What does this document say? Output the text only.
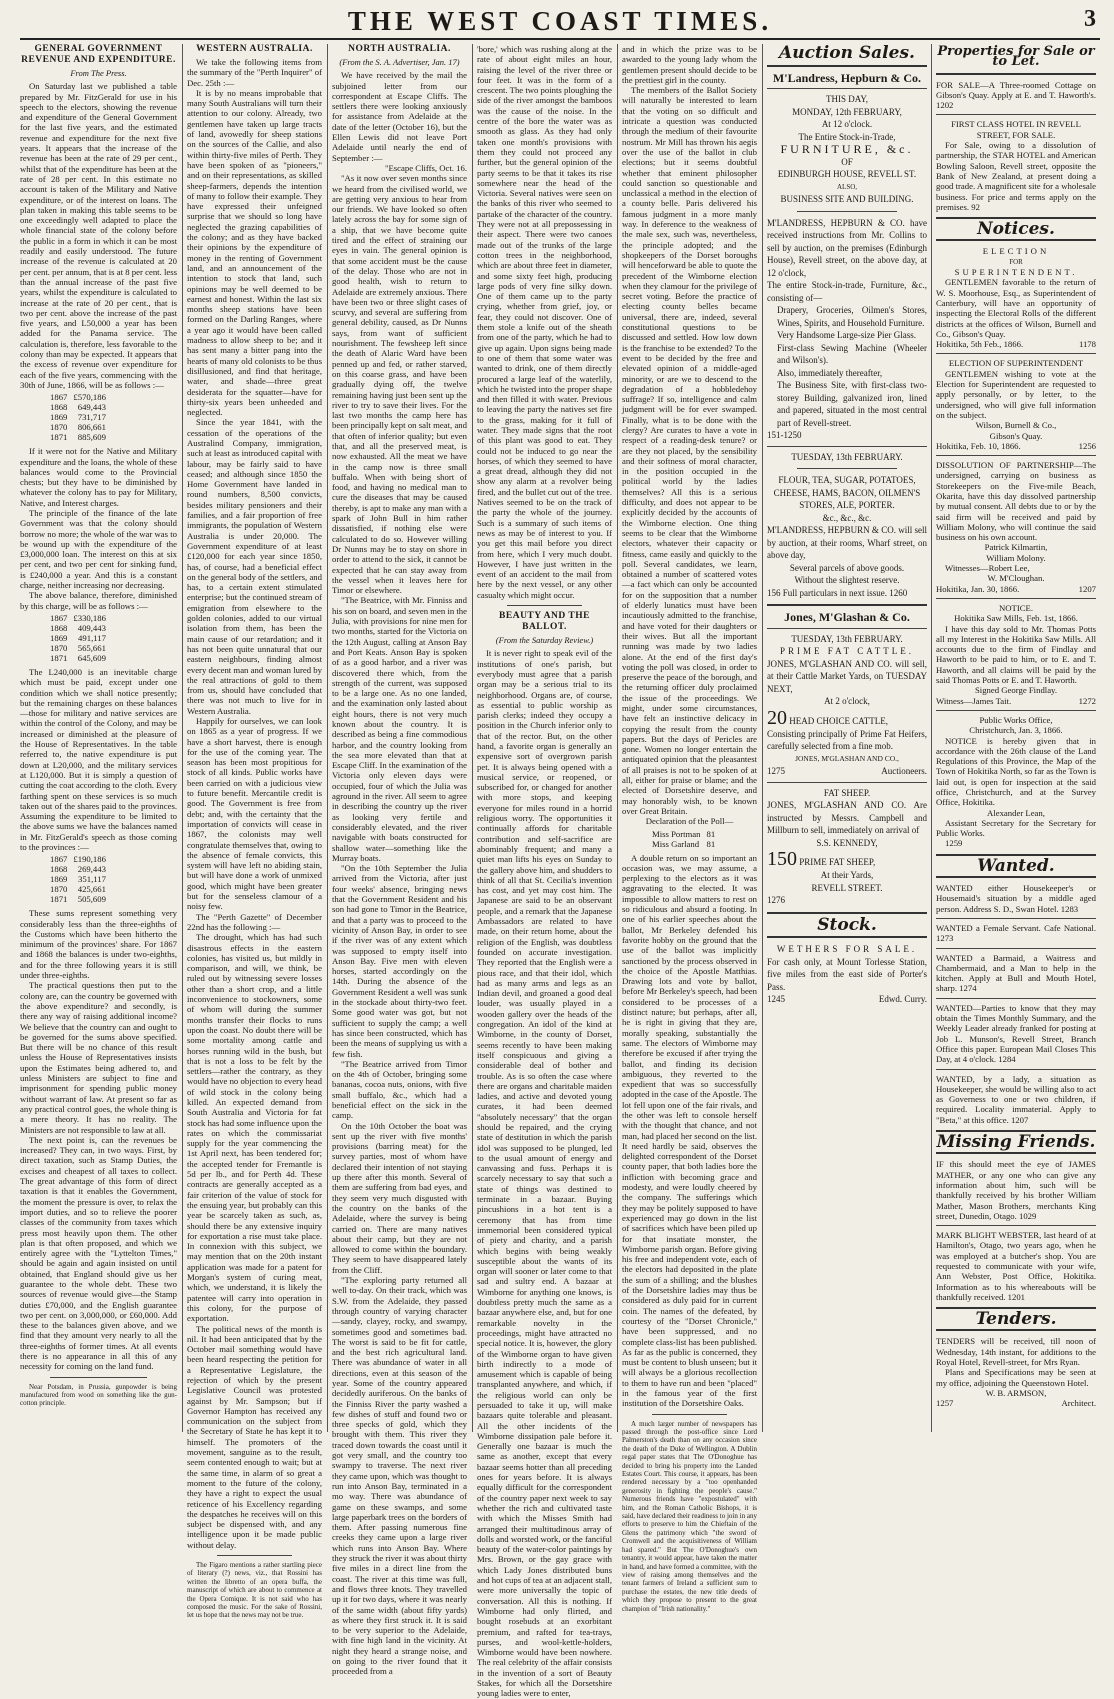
THE WEST COAST TIMES.	3
GENERAL GOVERNMENT REVENUE AND EXPENDITURE.
From The Press.

On Saturday last we published a table prepared by Mr. FitzGerald for use in his speech to the electors, showing the revenue and expenditure of the General Government for the last five years, and the estimated revenue and expenditure for the next five years. It appears that the increase of the revenue has been at the rate of 29 per cent., whilst that of the expenditure has been at the rate of 28 per cent. In this estimate no account is taken of the Military and Native expenditure, or of the interest on loans. The plan taken in making this table seems to be one exceedingly well adapted to place the whole financial state of the colony before the public in a form in which it can be most readily and easily understood. The future increase of the revenue is calculated at 20 per cent. per annum, that is at 8 per cent. less than the annual increase of the past five years, whilst the expenditure is calculated to increase at the rate of 20 per cent., that is two per cent. above the increase of the past five years, and L50,000 a year has been added for the Panama service. The calculation is, therefore, less favorable to the colony than may be expected. It appears that the excess of revenue over expenditure for each of the five years, commencing with the 30th of June, 1866, will be as follows :—

1867	£570,186
1868	649,443
1869	731,717
1870	806,661
1871	885,609

If it were not for the Native and Military expenditure and the loans, the whole of these balances would come to the Provincial chests; but they have to be diminished by whatever the colony has to pay for Military, Native, and Interest charges.

The principle of the finance of the late Government was that the colony should borrow no more; the whole of the war was to be wound up with the expenditure of the £3,000,000 loan. The interest on this at six per cent, and two per cent for sinking fund, is £240,000 a year. And this is a constant charge, neither increasing nor decreasing.

The above balance, therefore, diminished by this charge, will be as follows :—

1867	£330,186
1868	409,443
1869	491,117
1870	565,661
1871	645,609

The L240,000 is an inevitable charge which must be paid, except under one condition which we shall notice presently; but the remaining charges on these balances—those for military and native services are within the control of the Colony, and may be increased or diminished at the pleasure of the House of Representatives. In the table referred to, the native expenditure is put down at L20,000, and the military services at L120,000. But it is simply a question of cutting the coat according to the cloth. Every farthing spent on these services is so much taken out of the shares paid to the provinces. Assuming the expenditure to be limited to the above sums we have the balances named in Mr. FitzGerald's speech as those coming to the provinces :—

1867	£190,186
1868	269,443
1869	351,117
1870	425,661
1871	505,609

These sums represent something very considerably less than the three-eighths of the Customs which have been hitherto the minimum of the provinces' share. For 1867 and 1868 the balances is under two-eighths, and for the three following years it is still under three-eighths.

The practical questions then put to the colony are, can the country be governed with the above expenditure? and secondly, is there any way of raising additional income? We believe that the country can and ought to be governed for the sums above specified. But there will be no chance of this result unless the House of Representatives insists upon the Estimates being adhered to, and unless Ministers are subject to fine and imprisonment for spending public money without warrant of law. At present so far as any practical control goes, the whole thing is a mere theory. It has no reality. The Ministers are not responsible to law at all.

The next point is, can the revenues be increased? They can, in two ways. First, by direct taxation, such as Stamp Duties, the excises and cheapest of all taxes to collect. The great advantage of this form of direct taxation is that it enables the Government, the moment the pressure is over, to relax the import duties, and so to relieve the poorer classes of the community from taxes which press most heavily upon them. The other plan is that often proposed, and which we entirely agree with the "Lyttelton Times," should be again and again insisted on until obtained, that England should give us her guarantee to the whole debt. These two sources of revenue would give—the Stamp duties £70,000, and the English guarantee two per cent. on 3,000,000, or £60,000. Add these to the balances given above, and we find that they amount very nearly to all the three-eighths of former times. At all events there is no appearance in all this of any necessity for coming on the land fund.

Near Potsdam, in Prussia, gunpowder is being manufactured from wood on something like the gun-cotton principle.

WESTERN AUSTRALIA.

We take the following items from the summary of the "Perth Inquirer" of Dec. 25th :—

It is by no means improbable that many South Australians will turn their attention to our colony. Already, two gentlemen have taken up large tracts of land, avowedly for sheep stations on the sources of the Callie, and also within thirty-five miles of Perth. They have been spoken of as "pioneers," and on their representations, as skilled sheep-farmers, depends the intention of many to follow their example. They have expressed their unfeigned surprise that we should so long have neglected the grazing capabilities of the colony; and as they have backed their opinions by the expenditure of money in the renting of Government land, and an announcement of the intention to stock that land, such opinions may be well deemed to be earnest and honest. Within the last six months sheep stations have been formed on the Darling Ranges, where a year ago it would have been called madness to allow sheep to be; and it has sent many a bitter pang into the hearts of many old colonists to be thus disillusioned, and find that heritage, water, and shade—three great desiderata for the squatter—have for thirty-six years been unheeded and neglected.

Since the year 1841, with the cessation of the operations of the Australind Company, immigration, such at least as introduced capital with labour, may be fairly said to have ceased; and although since 1850 the Home Government have landed in round numbers, 8,500 convicts, besides military pensioners and their families, and a fair proportion of free immigrants, the population of Western Australia is under 20,000. The Government expenditure of at least £120,000 for each year since 1850, has, of course, had a beneficial effect on the general body of the settlers, and has, to a certain extent stimulated enterprise; but the continued stream of emigration from elsewhere to the golden colonies, added to our virtual isolation from them, has been the main cause of our retardation; and it has not been quite unnatural that our eastern neighbours, finding almost every decent man and woman lured by the real attractions of gold to them from us, should have concluded that there was not much to live for in Western Australia.

Happily for ourselves, we can look on 1865 as a year of progress. If we have a short harvest, there is enough for the use of the coming year. The season has been most propitious for stock of all kinds. Public works have been carried on with a judicious view to future benefit. Mercantile credit is good. The Government is free from debt; and, with the certainty that the importation of convicts will cease in 1867, the colonists may well congratulate themselves that, owing to the absence of female convicts, this system will have left no abiding stain, but will have done a work of unmixed good, which might have been greater but for the senseless clamour of a noisy few.

The "Perth Gazette" of December 22nd has the following :—

The drought, which has had such disastrous effects in the eastern colonies, has visited us, but mildly in comparison, and will, we think, be ruled out by witnessing severe losses other than a short crop, and a little inconvenience to stockowners, some of whom will during the summer months transfer their flocks to runs upon the coast. No doubt there will be some mortality among cattle and horses running wild in the bush, but that is not a loss to be felt by the settlers—rather the contrary, as they would have no objection to every head of wild stock in the colony being killed. An expected demand from South Australia and Victoria for fat stock has had some influence upon the rates on which the commissariat supply for the year commencing the 1st April next, has been tendered for; the accepted tender for Fremantle is 5d per lb., and for Perth 4d. These contracts are generally accepted as a fair criterion of the value of stock for the ensuing year, but probably can this year be scarcely taken as such, as, should there be any extensive inquiry for exportation a rise must take place. In connexion with this subject, we may mention that on the 20th instant application was made for a patent for Morgan's system of curing meat, which, we understand, it is likely the patentee will carry into operation in this colony, for the purpose of exportation.

The political news of the month is nil. It had been anticipated that by the October mail something would have been heard respecting the petition for a Representative Legislature, the rejection of which by the present Legislative Council was protested against by Mr. Sampson; but if Governor Hampton has received any communication on the subject from the Secretary of State he has kept it to himself. The promoters of the movement, sanguine as to the result, seem contented enough to wait; but at the same time, in alarm of so great a moment to the future of the colony, they have a right to expect the usual reticence of his Excellency regarding the despatches he receives will on this subject be dispensed with, and any intelligence upon it be made public without delay.

The Figaro mentions a rather startling piece of literary (?) news, viz., that Rossini has written the libretto of an opera buffa, the manuscript of which are about to commence at the Opera Comique. It is not said who has composed the music. For the sake of Rossini, let us hope that the news may not be true.

NORTH AUSTRALIA.
(From the S. A. Advertiser, Jan. 17)

We have received by the mail the subjoined letter from our correspondent at Escape Cliffs. The settlers there were looking anxiously for assistance from Adelaide at the date of the letter (October 16), but the Ellen Lewis did not leave Port Adelaide until nearly the end of September :—

"Escape Cliffs, Oct. 16.

"As it now over seven months since we heard from the civilised world, we are getting very anxious to hear from our friends. We have looked so often lately across the bay for some sign of a ship, that we have become quite tired and the effect of straining our eyes in vain. The general opinion is that some accident must be the cause of the delay. Those who are not in good health, wish to return to Adelaide are extremely anxious. There have been two or three slight cases of scurvy, and several are suffering from general debility, caused, as Dr Nunns says, from want of sufficient nourishment. The fewsheep left since the death of Alaric Ward have been penned up and fed, or rather starved, on this coarse grass, and have been gradually dying off, the twelve remaining having just been sent up the river to try to save their lives. For the last two months the camp here has been principally kept on salt meat, and that often of inferior quality; but even that, and all the preserved meat, is now exhausted. All the meat we have in the camp now is three small buffalo. When with being short of food, and having no medical man to cure the diseases that may be caused thereby, is apt to make any man with a spark of John Bull in him rather dissatisfied, if nothing else were calculated to do so. However willing Dr Nunns may be to stay on shore in order to attend to the sick, it cannot be expected that he can stay away from the vessel when it leaves here for Timor or elsewhere.

"The Beatrice, with Mr. Finniss and his son on board, and seven men in the Julia, with provisions for nine men for two months, started for the Victoria on the 12th August, calling at Anson Bay and Port Keats. Anson Bay is spoken of as a good harbor, and a river was discovered there which, from the strength of the current, was supposed to be a large one. As no one landed, and the examination only lasted about eight hours, there is not very much known about the country. It is described as being a fine commodious harbor, and the country looking from the sea more elevated than that at Escape Cliff. In the examination of the Victoria only eleven days were occupied, four of which the Julia was aground in the river. All seem to agree in describing the country up the river as looking very fertile and considerably elevated, and the river navigable with boats constructed for shallow water—something like the Murray boats.

"On the 10th September the Julia arrived from the Victoria, after just four weeks' absence, bringing news that the Government Resident and his son had gone to Timor in the Beatrice, and that a party was to proceed to the vicinity of Anson Bay, in order to see if the river was of any extent which was supposed to empty itself into Anson Bay. Five men with eleven horses, started accordingly on the 14th. During the absence of the Government Resident a well was sunk in the stockade about thirty-two feet. Some good water was got, but not sufficient to supply the camp; a well has since been constructed, which has been the means of supplying us with a few fish.

"The Beatrice arrived from Timor on the 4th of October, bringing some bananas, cocoa nuts, onions, with five small buffalo, &c., which had a beneficial effect on the sick in the camp.

On the 10th October the boat was sent up the river with five months' provisions (barring meat) for the survey parties, most of whom have declared their intention of not staying up there after this month. Several of them are suffering from bad eyes, and they seem very much disgusted with the country on the banks of the Adelaide, where the survey is being carried on. There are many natives about their camp, but they are not allowed to come within the boundary. They seem to have disappeared lately from the Cliff.

"The exploring party returned all well to-day. On their track, which was S.W. from the Adelaide, they passed through country of varying character—sandy, clayey, rocky, and swampy, sometimes good and sometimes bad. The worst is said to be fit for cattle, and the best rich agricultural land. There was abundance of water in all directions, even at this season of the year. Some of the country appeared decidedly auriferous. On the banks of the Finniss River the party washed a few dishes of stuff and found two or three specks of gold, which they brought with them. This river they traced down towards the coast until it got very small, and the country too swampy to traverse. The next river they came upon, which was thought to run into Anson Bay, terminated in a mo way. There was abundance of game on these swamps, and some large paperbark trees on the borders of them. After passing numerous fine creeks they came upon a large river which runs into Anson Bay. Where they struck the river it was about thirty five miles in a direct line from the coast. The river at this time was full, and flows three knots. They travelled up it for two days, where it was nearly of the same width (about fifty yards) as where they first struck it. It is said to be very superior to the Adelaide, with fine high land in the vicinity. At night they heard a strange noise, and on going to the river found that it proceeded from a

'bore,' which was rushing along at the rate of about eight miles an hour, raising the level of the river three or four feet. It was in the form of a crescent. The two points ploughing the side of the river amongst the bamboos was the cause of the noise. In the centre of the bore the water was as smooth as glass. As they had only taken one month's provisions with them they could not proceed any further, but the general opinion of the party seems to be that it takes its rise somewhere near the head of the Victoria. Several natives were seen on the banks of this river who seemed to partake of the character of the country. They were not at all prepossessing in their aspect. There were two canoes made out of the trunks of the large cotton trees in the neighborhood, which are about three feet in diameter, and some sixty feet high, producing large pods of very fine silky down. One of them came up to the party crying, whether from grief, joy, or fear, they could not discover. One of them stole a knife out of the sheath from one of the party, which he had to give up again. Upon signs being made to one of them that some water was wanted to drink, one of them directly procured a large leaf of the waterlily, which he twisted into the proper shape and then filled it with water. Previous to leaving the party the natives set fire to the grass, making for it full of water. They made signs that the root of this plant was good to eat. They could not be induced to go near the horses, of which they seemed to have a great dread, although they did not show any alarm at a revolver being fired, and the bullet cut out of the tree. Natives seemed to be on the track of the party the whole of the journey. Such is a summary of such items of news as may be of interest to you. If you get this mail before you direct from here, which I very much doubt. However, I have just written in the event of an accident to the mail from here by the next vessel, or any other casualty which might occur.

BEAUTY AND THE BALLOT.
(From the Saturday Review.)

It is never right to speak evil of the institutions of one's parish, but everybody must agree that a parish organ may be a serious trial to its neighborhood. Organs are, of course, as essential to public worship as parish clerks; indeed they occupy a position in the Church inferior only to that of the rector. But, on the other hand, a favorite organ is generally an expensive sort of overgrown parish pet. It is always being opened with a musical service, or reopened, or subscribed for, or changed for another with more stops, and keeping everyone for miles round in a horrid religious worry. The opportunities it continually affords for charitable contribution and self-sacrifice are abominably frequent; and many a quiet man lifts his eyes on Sunday to the gallery above him, and shudders to think of all that St. Cecilia's invention has cost, and yet may cost him. The Japanese are said to be an observant people, and a remark that the Japanese Ambassadors are related to have made, on their return home, about the religion of the English, was doubtless founded on accurate investigation. They reported that the English were a pious race, and that their idol, which had as many arms and legs as an Indian devil, and groaned a good deal louder, was usually played in a wooden gallery over the heads of the congregation. An idol of the kind at Wimborne, in the county of Dorset, seems recently to have been making itself conspicuous and giving a considerable deal of bother and trouble. As is so often the case where there are organs and charitable maiden ladies, and active and devoted young curates, it had been deemed "absolutely necessary" that the organ should be repaired, and the crying state of destitution in which the parish idol was supposed to be plunged, led to the usual amount of energy and canvassing and fuss. Perhaps it is scarcely necessary to say that such a state of things was destined to terminate in a bazaar. Buying pincushions in a hot tent is a ceremony that has from time immemorial been considered typical of piety and charity, and a parish which begins with being weakly susceptible about the wants of its organ will sooner or later come to that sad and sultry end. A bazaar at Wimborne for anything one knows, is doubtless pretty much the same as a bazaar anywhere else, and, but for one remarkable novelty in the proceedings, might have attracted no special notice. It is, however, the glory of the Wimborne organ to have given birth indirectly to a mode of amusement which is capable of being transplanted anywhere, and which, if the religious world can only be persuaded to take it up, will make bazaars quite tolerable and pleasant. All the other incidents of the Wimborne dissipation pale before it. Generally one bazaar is much the same as another, except that every bazaar seems hotter than all preceding ones for years before. It is always equally difficult for the correspondent of the country paper next week to say whether the rich and cultivated taste with which the Misses Smith had arranged their multitudinous array of dolls and worsted work, or the fanciful beauty of the water-color paintings by Mrs. Brown, or the gay grace with which Lady Jones distributed buns and hot cups of tea at an adjacent stall, were more universally the topic of conversation. All this is nothing. If Wimborne had only flirted, and bought rosebuds at an exorbitant premium, and rafted for tea-trays, purses, and wool-kettle-holders, Wimborne would have been nowhere. The real celebrity of the affair consists in the invention of a sort of Beauty Stakes, for which all the Dorsetshire young ladies were to enter,

and in which the prize was to be awarded to the young lady whom the gentlemen present should decide to be the prettiest girl in the county.

The members of the Ballot Society will naturally be interested to learn that the voting on so difficult and intricate a question was conducted through the medium of their favourite nostrum. Mr Mill has thrown his aegis over the use of the ballot in club elections; but it seems doubtful whether that eminent philosopher could sanction so questionable and unclassical a method in the election of a county belle. Paris delivered his famous judgment in a more manly way. In deference to the weakness of the male sex, such was, nevertheless, the principle adopted; and the shopkeepers of the Dorset boroughs will henceforward be able to quote the precedent of the Wimborne election when they clamour for the privilege of secret voting. Before the practice of electing county belles became universal, there are, indeed, several constitutional questions to be discussed and settled. How low down is the franchise to be extended? To the event to be decided by the free and elevated opinion of a middle-aged minority, or are we to descend to the degradation of a hobbledehoy suffrage? If so, intelligence and calm judgment will be for ever swamped. Finally, what is to be done with the clergy? Are curates to have a vote in respect of a reading-desk tenure? or are they not placed, by the sensibility and their softness of moral character, in the position occupied in the political world by the ladies themselves? All this is a serious difficulty, and does not appear to be explicitly decided by the accounts of the Wimborne election. One thing seems to be clear that the Wimborne electors, whatever their capacity or fitness, came easily and quickly to the poll. Several candidates, we learn, obtained a number of scattered votes—a fact which can only be accounted for on the supposition that a number of elderly lunatics must have been incautiously admitted to the franchise, and have voted for their daughters or their wives. But all the important running was made by two ladies alone. At the end of the first day's voting the poll was closed, in order to preserve the peace of the borough, and the returning officer duly proclaimed the issue of the proceedings. We might, under some circumstances, have felt an instinctive delicacy in copying the result from the county papers. But the days of Pericles are gone. Women no longer entertain the antiquated opinion that the pleasantest of all praises is not to be spoken of at all, either for praise or blame; and the elected of Dorsetshire deserve, and may honorably wish, to be known over Great Britain.

Declaration of the Poll—

Miss Portman	81
Miss Garland	81

A double return on so important an occasion was, we may assume, a perplexing to the electors as it was aggravating to the elected. It was impossible to allow matters to rest on so ridiculous and absurd a footing. In one of his earlier speeches about the ballot, Mr Berkeley defended his favorite hobby on the ground that the use of the ballot was implicitly sanctioned by the process observed in the choice of the Apostle Matthias. Drawing lots and vote by ballot, before Mr Berkeley's speech, had been considered to be processes of a distinct nature; but perhaps, after all, he is right in giving that they are, morally speaking, substantially the same. The electors of Wimborne may therefore be excused if after trying the ballot, and finding its decision ambiguous, they reverted to the expedient that was so successfully adopted in the case of the Apostle. The lot fell upon one of the fair rivals, and the other was left to console herself with the thought that chance, and not man, had placed her second on the list. It need hardly be said, observes the delighted correspondent of the Dorset county paper, that both ladies bore the infliction with becoming grace and modesty, and were loudly cheered by the company. The sufferings which they may be politely supposed to have experienced may go down in the list of sacrifices which have been piled up for that insatiate monster, the Wimborne parish organ. Before giving his free and independent vote, each of the electors had deposited in the plate the sum of a shilling; and the blushes of the Dorsetshire ladies may thus be considered as duly paid for in current coin. The names of the defeated, by courtesy of the "Dorset Chronicle," have been suppressed, and no complete class-list has been published. As far as the public is concerned, they must be content to blush unseen; but it will always be a glorious recollection to them to have run and been "placed" in the famous year of the first institution of the Dorsetshire Oaks.

A much larger number of newspapers has passed through the post-office since Lord Palmerston's death than on any occasion since the death of the Duke of Wellington. A Dublin regal paper states that The O'Donoghue has decided to bring his property into the Landed Estates Court. This course, it appears, has been rendered necessary by a "too openhanded generosity in fighting the people's cause." Numerous friends have "expostulated" with him, and the Roman Catholic Bishops, it is said, have declared their readiness to join in any efforts to preserve to him the Chieftain of the Glens the patrimony which "the sword of Cromwell and the acquisitiveness of William had spared." But The O'Donoghue's own tenantry, it would appear, have taken the matter in hand, and have formed a committee, with the view of raising among themselves and the tenant farmers of Ireland a sufficient sum to purchase the estates, the new title deeds of which they propose to present to the great champion of "Irish nationality."

Auction Sales.

M'Landress, Hepburn & Co.

THIS DAY,

MONDAY, 12th FEBRUARY,

At 12 o'clock.

The Entire Stock-in-Trade,

FURNITURE, &c.

OF

EDINBURGH HOUSE, REVELL ST.

ALSO,

BUSINESS SITE AND BUILDING.

M'LANDRESS, HEPBURN & CO. have received instructions from Mr. Collins to sell by auction, on the premises (Edinburgh House), Revell street, on the above day, at 12 o'clock,

The entire Stock-in-trade, Furniture, &c., consisting of—

Drapery, Groceries, Oilmen's Stores, Wines, Spirits, and Household Furniture.

Very Handsome Large-size Pier Glass.

First-class Sewing Machine (Wheeler and Wilson's).

Also, immediately thereafter,

The Business Site, with first-class two-storey Building, galvanized iron, lined and papered, situated in the most central part of Revell-street.

151-1250

TUESDAY, 13th FEBRUARY.

FLOUR, TEA, SUGAR, POTATOES,

CHEESE, HAMS, BACON, OILMEN'S

STORES, ALE, PORTER.

&c., &c., &c.

M'LANDRESS, HEPBURN & CO. will sell by auction, at their rooms, Wharf street, on above day,

Several parcels of above goods.

Without the slightest reserve.

156 Full particulars in next issue. 1260

Jones, M'Glashan & Co.

TUESDAY, 13th FEBRUARY.

PRIME FAT CATTLE.

JONES, M'GLASHAN AND CO. will sell, at their Cattle Market Yards, on TUESDAY NEXT,

At 2 o'clock,

20 HEAD CHOICE CATTLE,

Consisting principally of Prime Fat Heifers, carefully selected from a fine mob.

JONES, M'GLASHAN AND CO.,

1275	Auctioneers.

FAT SHEEP.

JONES, M'GLASHAN AND CO. Are instructed by Messrs. Campbell and Millburn to sell, immediately on arrival of

S.S. KENNEDY,

150 PRIME FAT SHEEP,

At their Yards,

REVELL STREET.

1276

Stock.

WETHERS FOR SALE.

For cash only, at Mount Torlesse Station, five miles from the east side of Porter's Pass.

1245	Edwd. Curry.
Properties for Sale or to Let.

FOR SALE—A Three-roomed Cottage on Gibson's Quay. Apply at E. and T. Haworth's. 1202

FIRST CLASS HOTEL IN REVELL STREET, FOR SALE.

For Sale, owing to a dissolution of partnership, the STAR HOTEL and American Bowling Saloon, Revell street, opposite the Bank of New Zealand, at present doing a good trade. A magnificent site for a wholesale business. For price and terms apply on the premises. 92

Notices.

ELECTION

FOR

SUPERINTENDENT.

GENTLEMEN favorable to the return of W. S. Moorhouse, Esq., as Superintendent of Canterbury, will have an opportunity of inspecting the Electoral Rolls of the different districts at the offices of Wilson, Burnell and Co., Gibson's Quay.

Hokitika, 5th Feb., 1866.	1178

ELECTION OF SUPERINTENDENT

GENTLEMEN wishing to vote at the Election for Superintendent are requested to apply personally, or by letter, to the undersigned, who will give full information on the subject.

Wilson, Burnell & Co.,

Gibson's Quay.

Hokitika, Feb. 10, 1866.	1256

DISSOLUTION OF PARTNERSHIP—The undersigned, carrying on business as Storekeepers on the Five-mile Beach, Okarita, have this day dissolved partnership by mutual consent. All debts due to or by the said firm will be received and paid by William Molony, who will continue the said business on his own account.

Patrick Kilmartin,

William Molony.

Witnesses—Robert Lee,

W. M'Cloughan.

Hokitika, Jan. 30, 1866.	1207

NOTICE.

Hokitika Saw Mills, Feb. 1st, 1866.

I have this day sold to Mr. Thomas Potts all my Interest in the Hokitika Saw Mills. All accounts due to the firm of Findlay and Haworth to be paid to him, or to E. and T. Haworth, and all claims will be paid by the said Thomas Potts or E. and T. Haworth.

Signed George Findlay.

Witness—James Tait.	1272

Public Works Office,

Christchurch, Jan. 3, 1866.

NOTICE is hereby given that in accordance with the 26th clause of the Land Regulations of this Province, the Map of the Town of Hokitika North, so far as the Town is laid out, is open for inspection at the said office, Christchurch, and at the Survey Office, Hokitika.

Alexander Lean,

Assistant Secretary for the Secretary for Public Works.

1259

Wanted.

WANTED either Housekeeper's or Housemaid's situation by a middle aged person. Address S. D., Swan Hotel. 1283

WANTED a Female Servant. Cafe National. 1273

WANTED a Barmaid, a Waitress and Chambermaid, and a Man to help in the kitchen. Apply at Bull and Mouth Hotel, sharp. 1274

WANTED—Parties to know that they may obtain the Times Monthly Summary, and the Weekly Leader already franked for posting at Job L. Munson's, Revell Street, Branch Office this paper. European Mail Closes This Day, at 4 o'clock. 1284

WANTED, by a lady, a situation as Housekeeper, she would be willing also to act as Governess to one or two children, if required. Locality immaterial. Apply to "Beta," at this office. 1207

Missing Friends.

IF this should meet the eye of JAMES MATHER, or any one who can give any information about him, such will be thankfully received by his brother William Mather, Mason Brothers, merchants King street, Dunedin, Otago. 1029

MARK BLIGHT WEBSTER, last heard of at Hamilton's, Otago, two years ago, when he was employed at a butcher's shop. You are requested to communicate with your wife, Ann Webster, Post Office, Hokitika. Information as to his whereabouts will be thankfully received. 1201

Tenders.

TENDERS will be received, till noon of Wednesday, 14th instant, for additions to the Royal Hotel, Revell-street, for Mrs Ryan.

Plans and Specifications may be seen at my office, adjoining the Queenstown Hotel.

W. B. ARMSON,

1257	Architect.
